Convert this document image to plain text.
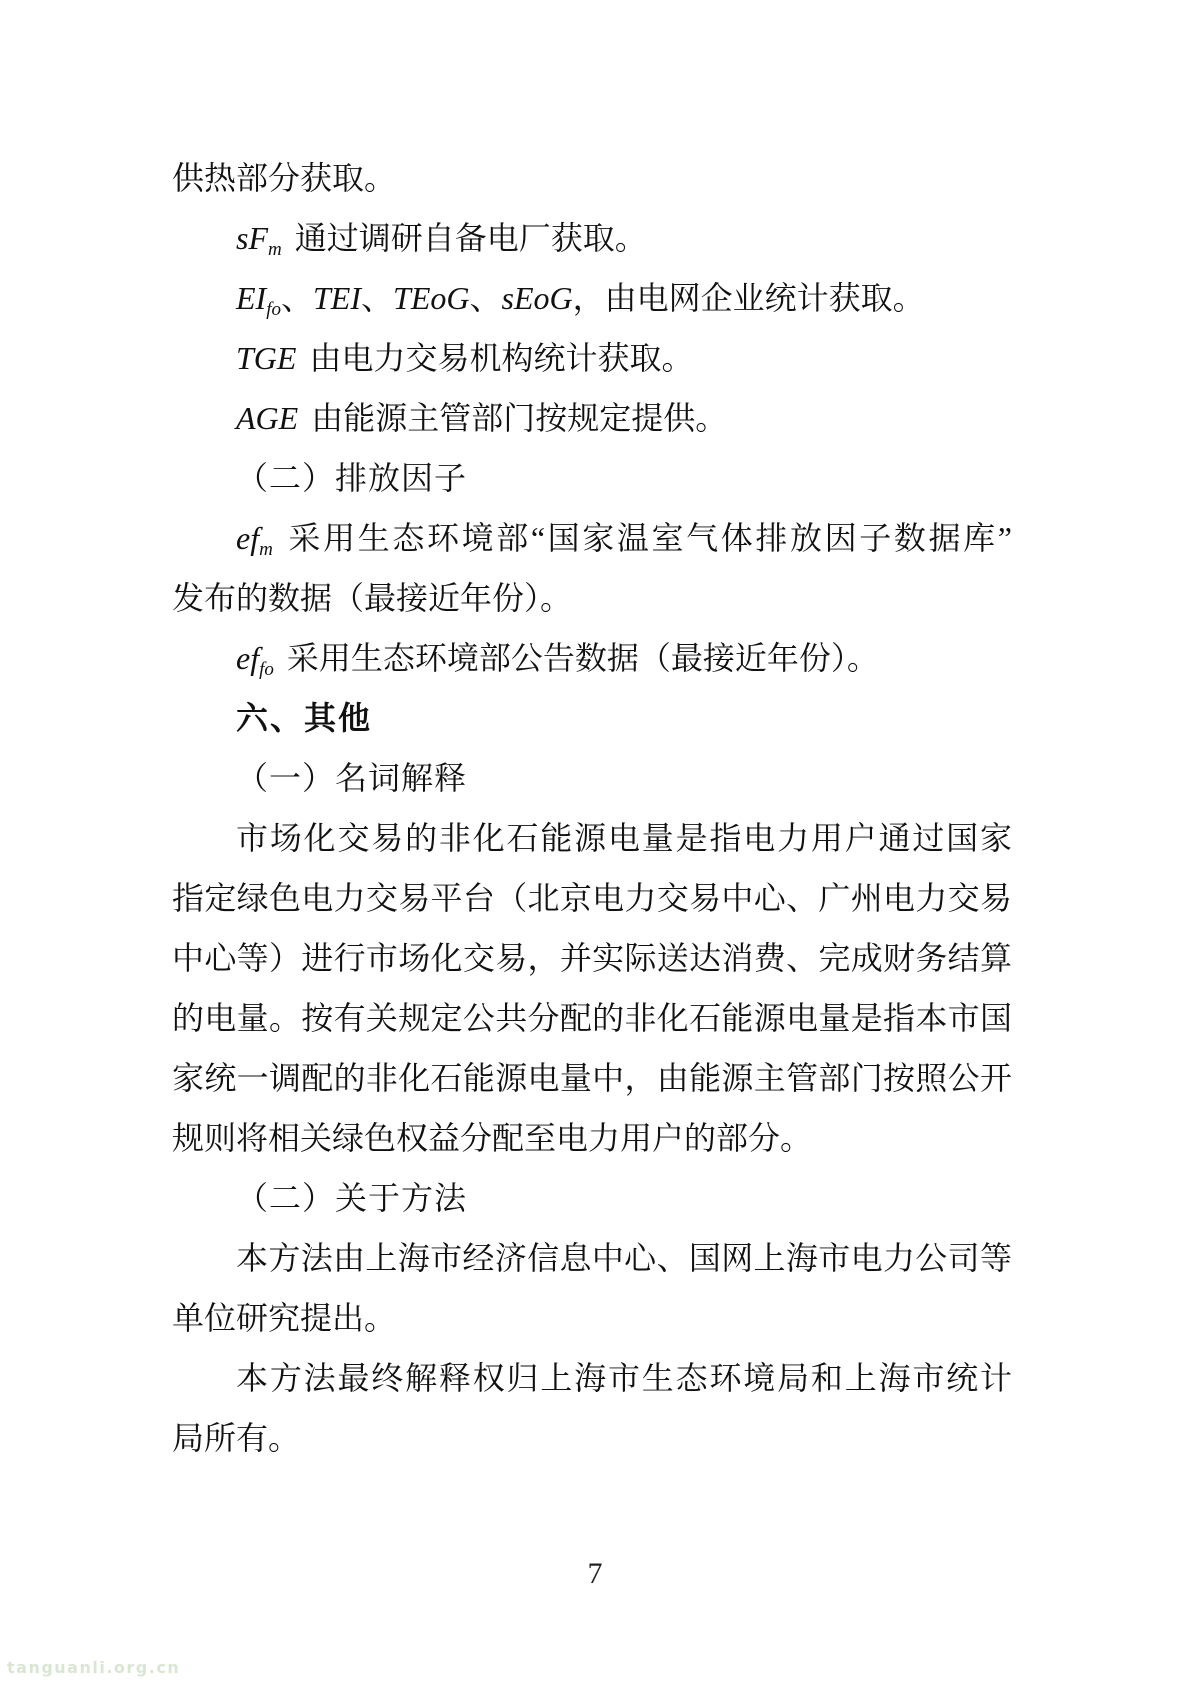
供热部分获取。

$sF_m$ 通过调研自备电厂获取。

$EI_{fo}$、TEI、TEoG、sEoG，由电网企业统计获取。

TGE 由电力交易机构统计获取。

AGE 由能源主管部门按规定提供。

（二）排放因子

$ef_m$ 采用生态环境部“国家温室气体排放因子数据库”

发布的数据（最接近年份）。

$ef_{fo}$ 采用生态环境部公告数据（最接近年份）。

六、其他

（一）名词解释

市场化交易的非化石能源电量是指电力用户通过国家

指定绿色电力交易平台（北京电力交易中心、广州电力交易

中心等）进行市场化交易，并实际送达消费、完成财务结算

的电量。按有关规定公共分配的非化石能源电量是指本市国

家统一调配的非化石能源电量中，由能源主管部门按照公开

规则将相关绿色权益分配至电力用户的部分。

（二）关于方法

本方法由上海市经济信息中心、国网上海市电力公司等

单位研究提出。

本方法最终解释权归上海市生态环境局和上海市统计

局所有。

7
tanguanli.org.cn
